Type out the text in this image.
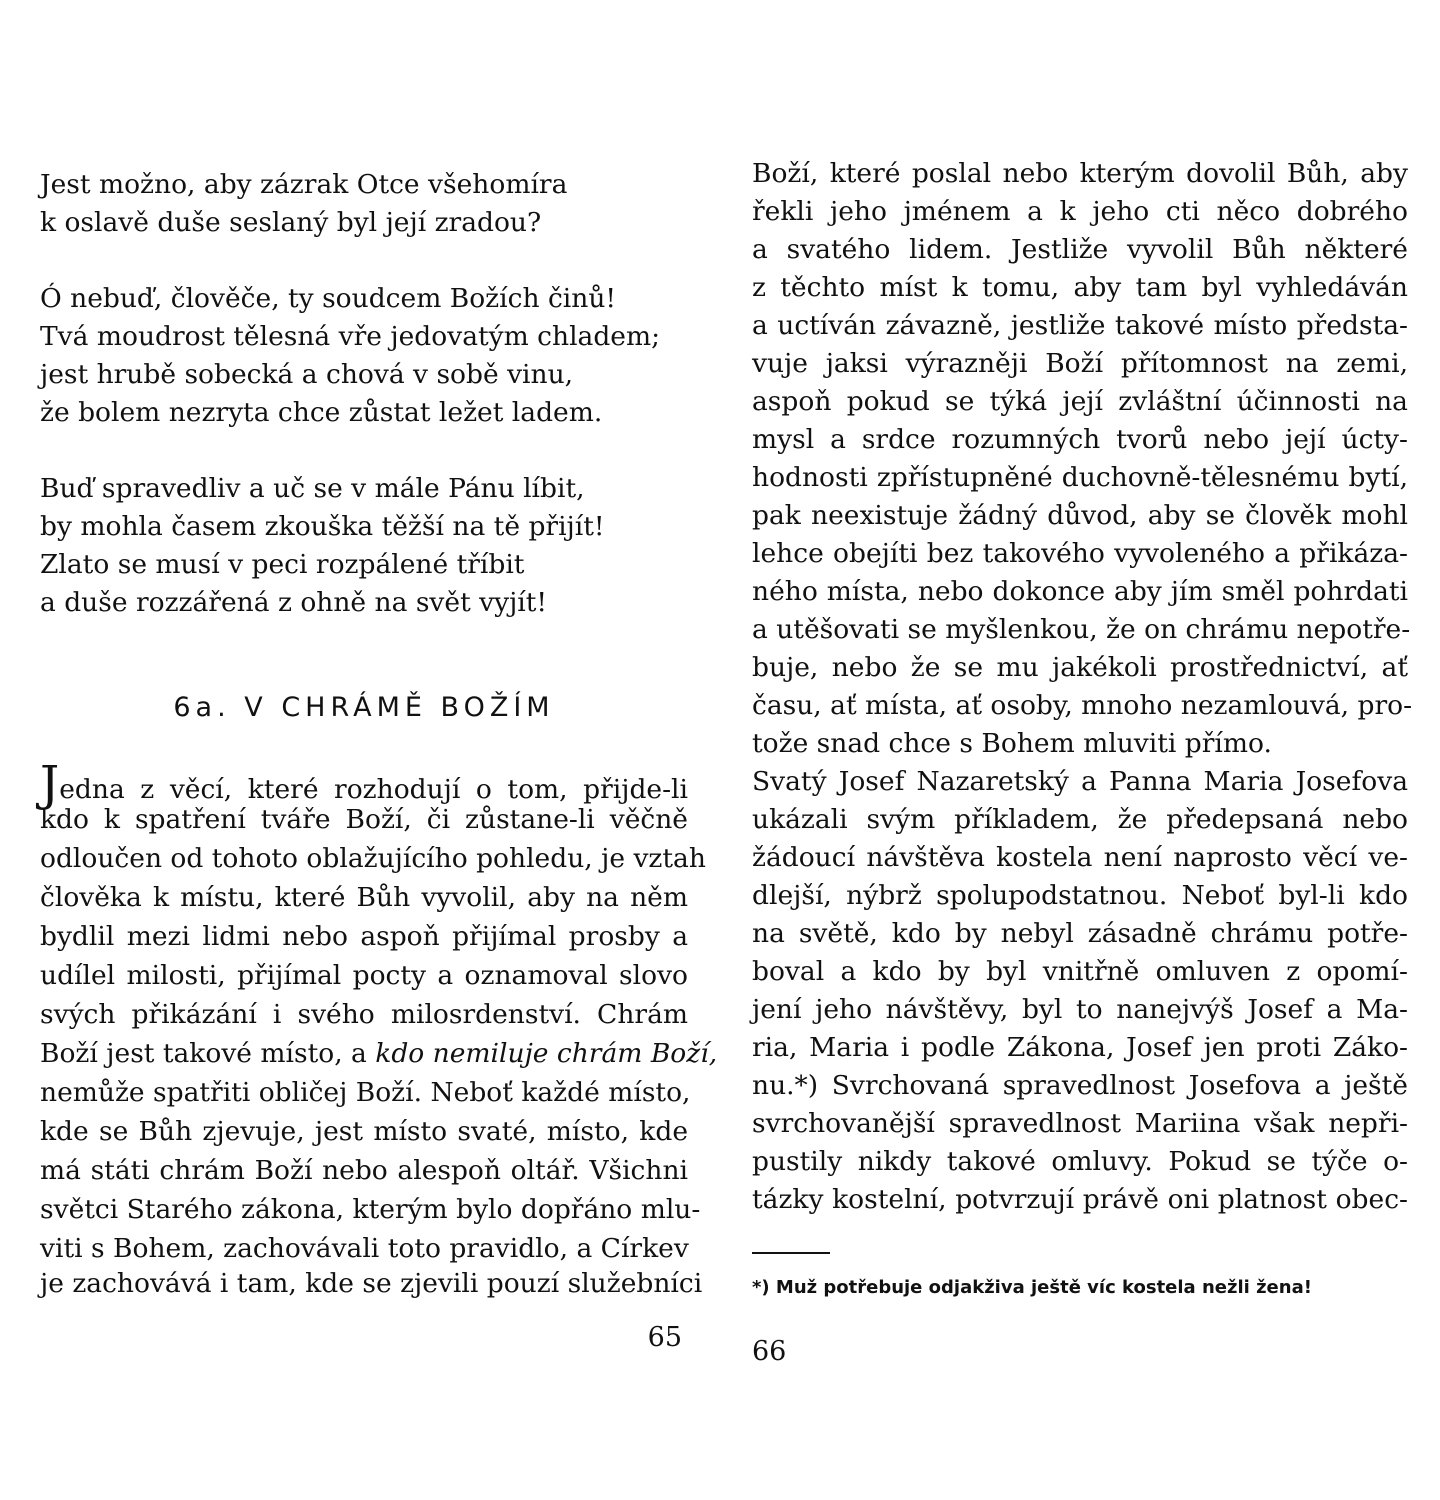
Jest možno, aby zázrak Otce všehomíra
k oslavě duše seslaný byl její zradou?
Ó nebuď, člověče, ty soudcem Božích činů!
Tvá moudrost tělesná vře jedovatým chladem;
jest hrubě sobecká a chová v sobě vinu,
že bolem nezryta chce zůstat ležet ladem.
Buď spravedliv a uč se v mále Pánu líbit,
by mohla časem zkouška těžší na tě přijít!
Zlato se musí v peci rozpálené tříbit
a duše rozzářená z ohně na svět vyjít!
6a. V CHRÁMĚ BOŽÍM
Jedna z věcí, které rozhodují o tom, přijde-li
kdo k spatření tváře Boží, či zůstane-li věčně
odloučen od tohoto oblažujícího pohledu, je vztah
člověka k místu, které Bůh vyvolil, aby na něm
bydlil mezi lidmi nebo aspoň přijímal prosby a
udílel milosti, přijímal pocty a oznamoval slovo
svých přikázání i svého milosrdenství. Chrám
Boží jest takové místo, a kdo nemiluje chrám Boží,
nemůže spatřiti obličej Boží. Neboť každé místo,
kde se Bůh zjevuje, jest místo svaté, místo, kde
má státi chrám Boží nebo alespoň oltář. Všichni
světci Starého zákona, kterým bylo dopřáno mlu-
viti s Bohem, zachovávali toto pravidlo, a Církev
je zachovává i tam, kde se zjevili pouzí služebníci
65
Boží, které poslal nebo kterým dovolil Bůh, aby
řekli jeho jménem a k jeho cti něco dobrého
a svatého lidem. Jestliže vyvolil Bůh některé
z těchto míst k tomu, aby tam byl vyhledáván
a uctíván závazně, jestliže takové místo předsta-
vuje jaksi výrazněji Boží přítomnost na zemi,
aspoň pokud se týká její zvláštní účinnosti na
mysl a srdce rozumných tvorů nebo její úcty-
hodnosti zpřístupněné duchovně-tělesnému bytí,
pak neexistuje žádný důvod, aby se člověk mohl
lehce obejíti bez takového vyvoleného a přikáza-
ného místa, nebo dokonce aby jím směl pohrdati
a utěšovati se myšlenkou, že on chrámu nepotře-
buje, nebo že se mu jakékoli prostřednictví, ať
času, ať místa, ať osoby, mnoho nezamlouvá, pro-
tože snad chce s Bohem mluviti přímo.
Svatý Josef Nazaretský a Panna Maria Josefova
ukázali svým příkladem, že předepsaná nebo
žádoucí návštěva kostela není naprosto věcí ve-
dlejší, nýbrž spolupodstatnou. Neboť byl-li kdo
na světě, kdo by nebyl zásadně chrámu potře-
boval a kdo by byl vnitřně omluven z opomí-
jení jeho návštěvy, byl to nanejvýš Josef a Ma-
ria, Maria i podle Zákona, Josef jen proti Záko-
nu.*) Svrchovaná spravedlnost Josefova a ještě
svrchovanější spravedlnost Mariina však nepři-
pustily nikdy takové omluvy. Pokud se týče o-
tázky kostelní, potvrzují právě oni platnost obec-
*) Muž potřebuje odjakživa ještě víc kostela nežli žena!
66
